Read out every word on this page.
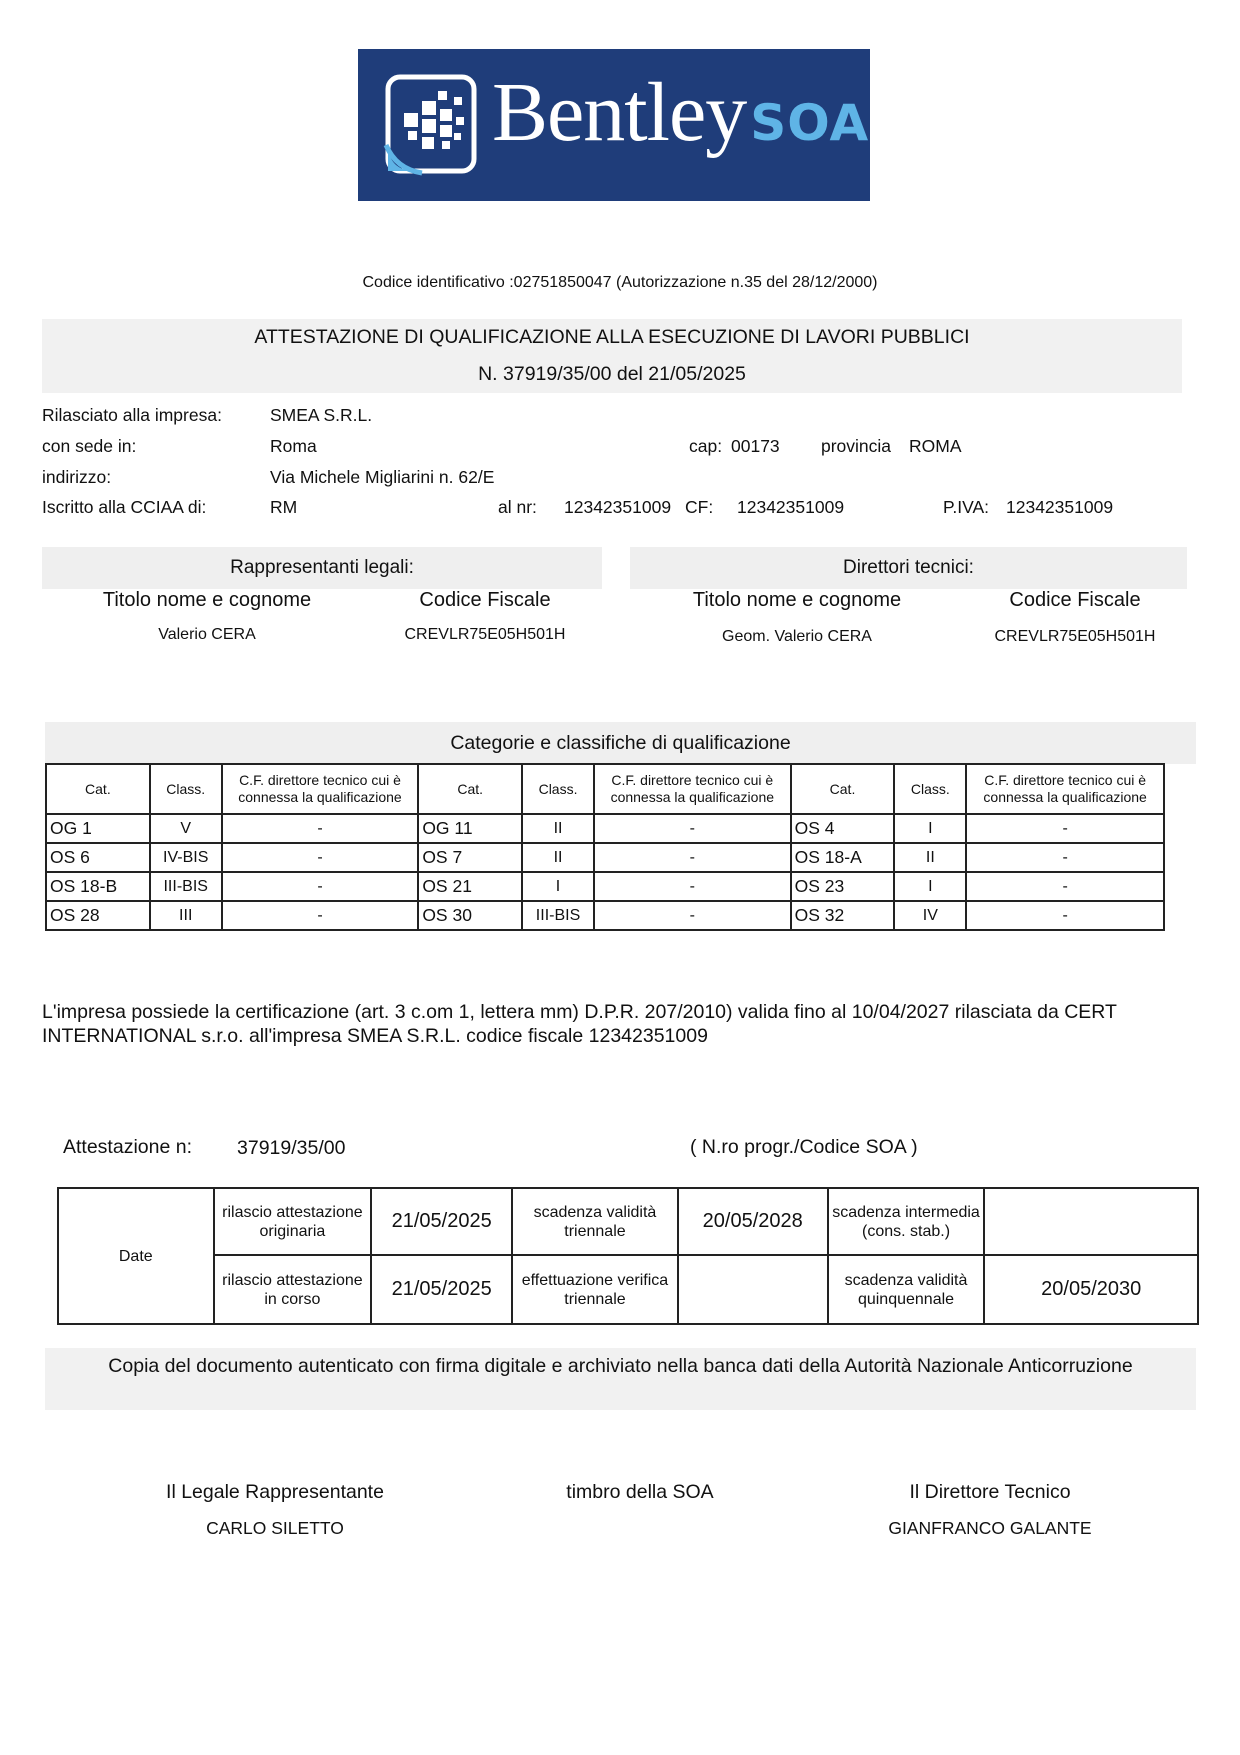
BentleySOA
Codice identificativo :02751850047 (Autorizzazione n.35 del 28/12/2000)
ATTESTAZIONE DI QUALIFICAZIONE ALLA ESECUZIONE DI LAVORI PUBBLICI
N. 37919/35/00 del 21/05/2025
Rilasciato alla impresa:	SMEA S.R.L.
con sede in:	Roma	cap: 00173 provincia ROMA
indirizzo:	Via Michele Migliarini n. 62/E
Iscritto alla CCIAA di:	RM	al nr: 12342351009 CF: 12342351009	P.IVA: 12342351009
Rappresentanti legali:
Titolo nome e cognome	Codice Fiscale
Valerio CERA	CREVLR75E05H501H
Direttori tecnici:
Titolo nome e cognome	Codice Fiscale
Geom. Valerio CERA	CREVLR75E05H501H
Categorie e classifiche di qualificazione
Cat.	Class.	C.F. direttore tecnico cui è connessa la qualificazione	Cat.	Class.	C.F. direttore tecnico cui è connessa la qualificazione	Cat.	Class.	C.F. direttore tecnico cui è connessa la qualificazione
OG 1	V	-	OG 11	II	-	OS 4	I	-
OS 6	IV-BIS	-	OS 7	II	-	OS 18-A	II	-
OS 18-B	III-BIS	-	OS 21	I	-	OS 23	I	-
OS 28	III	-	OS 30	III-BIS	-	OS 32	IV	-
L'impresa possiede la certificazione (art. 3 c.om 1, lettera mm) D.P.R. 207/2010) valida fino al 10/04/2027 rilasciata da CERT INTERNATIONAL s.r.o. all'impresa SMEA S.R.L. codice fiscale 12342351009
Attestazione n: 37919/35/00	( N.ro progr./Codice SOA )
Date	rilascio attestazione originaria	21/05/2025	scadenza validità triennale	20/05/2028	scadenza intermedia (cons. stab.)	
	rilascio attestazione in corso	21/05/2025	effettuazione verifica triennale		scadenza validità quinquennale	20/05/2030
Copia del documento autenticato con firma digitale e archiviato nella banca dati della Autorità Nazionale Anticorruzione
Il Legale Rappresentante
CARLO SILETTO
timbro della SOA	Il Direttore Tecnico
GIANFRANCO GALANTE
